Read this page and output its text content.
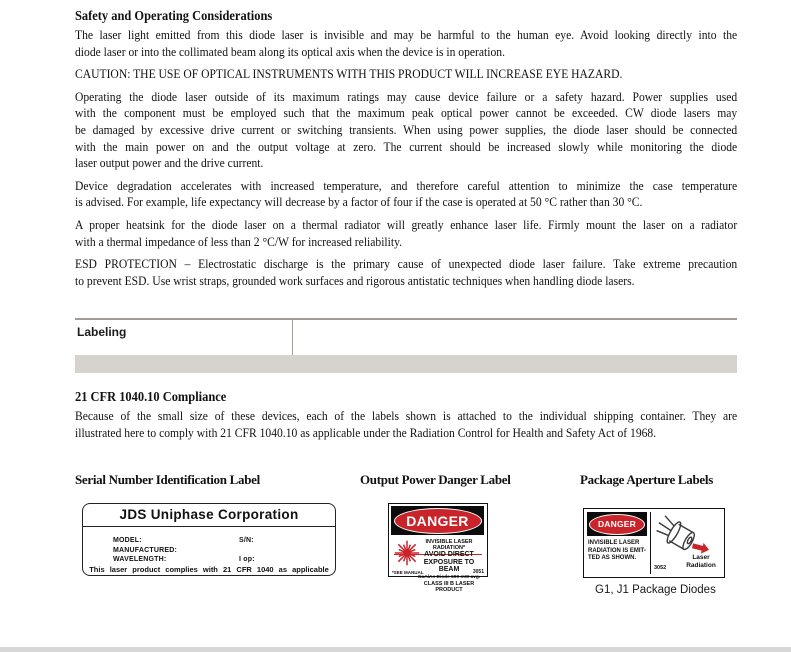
Safety and Operating Considerations

The laser light emitted from this diode laser is invisible and may be harmful to the human eye. Avoid looking directly into the
diode laser or into the collimated beam along its optical axis when the device is in operation.

CAUTION: THE USE OF OPTICAL INSTRUMENTS WITH THIS PRODUCT WILL INCREASE EYE HAZARD.

Operating the diode laser outside of its maximum ratings may cause device failure or a safety hazard. Power supplies used
with the component must be employed such that the maximum peak optical power cannot be exceeded. CW diode lasers may
be damaged by excessive drive current or switching transients. When using power supplies, the diode laser should be connected
with the main power on and the output voltage at zero. The current should be increased slowly while monitoring the diode
laser output power and the drive current.

Device degradation accelerates with increased temperature, and therefore careful attention to minimize the case temperature
is advised. For example, life expectancy will decrease by a factor of four if the case is operated at 50 °C rather than 30 °C.

A proper heatsink for the diode laser on a thermal radiator will greatly enhance laser life. Firmly mount the laser on a radiator
with a thermal impedance of less than 2 °C/W for increased reliability.

ESD PROTECTION – Electrostatic discharge is the primary cause of unexpected diode laser failure. Take extreme precaution
to prevent ESD. Use wrist straps, grounded work surfaces and rigorous antistatic techniques when handling diode lasers.

Labeling
21 CFR 1040.10 Compliance

Because of the small size of these devices, each of the labels shown is attached to the individual shipping container. They are
illustrated here to comply with 21 CFR 1040.10 as applicable under the Radiation Control for Health and Safety Act of 1968.

Serial Number Identification Label	Output Power Danger Label	Package Aperture Labels
JDS Uniphase Corporation
MODEL:	S/N:
MANUFACTURED:
WAVELENGTH:	I op:
This laser product complies with 21 CFR 1040 as applicable
DANGER
INVISIBLE LASER RADIATION*
AVOID DIRECT
EXPOSURE TO BEAM
GaAlAs Diode 500 mW avg.
CLASS III B LASER PRODUCT
*SEE MANUAL	3051
DANGER
INVISIBLE LASER
RADIATION IS EMIT-
TED AS SHOWN.
3052
Laser
Radiation
G1, J1 Package Diodes
